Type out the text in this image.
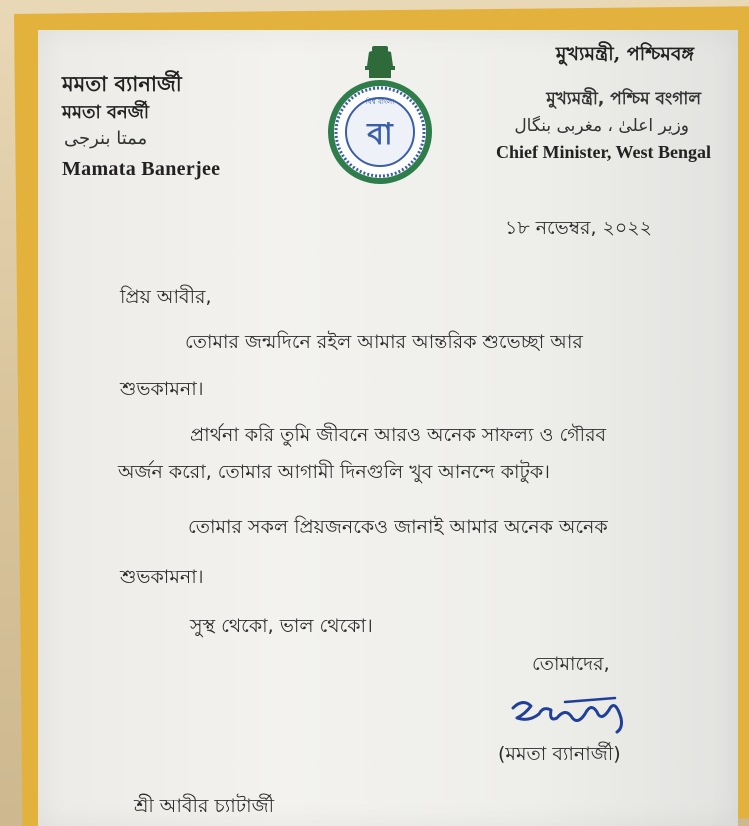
মমতা ব্যানার্জী
মমতা বনর্জী
ممتا بنرجی
Mamata Banerjee
মুখ্যমন্ত্রী, পশ্চিমবঙ্গ
মুখ্যমন্ত্রী, পশ্চিম বংগাল
وزیر اعلیٰ ، مغربی بنگال
Chief Minister, West Bengal
বিশ্ব বাংলা
বা
১৮ নভেম্বর, ২০২২
প্রিয় আবীর,
তোমার জন্মদিনে রইল আমার আন্তরিক শুভেচ্ছা আর
শুভকামনা।
প্রার্থনা করি তুমি জীবনে আরও অনেক সাফল্য ও গৌরব
অর্জন করো, তোমার আগামী দিনগুলি খুব আনন্দে কাটুক।
তোমার সকল প্রিয়জনকেও জানাই আমার অনেক অনেক
শুভকামনা।
সুস্থ থেকো, ভাল থেকো।
তোমাদের,
(মমতা ব্যানার্জী)
শ্রী আবীর চ্যাটার্জী
